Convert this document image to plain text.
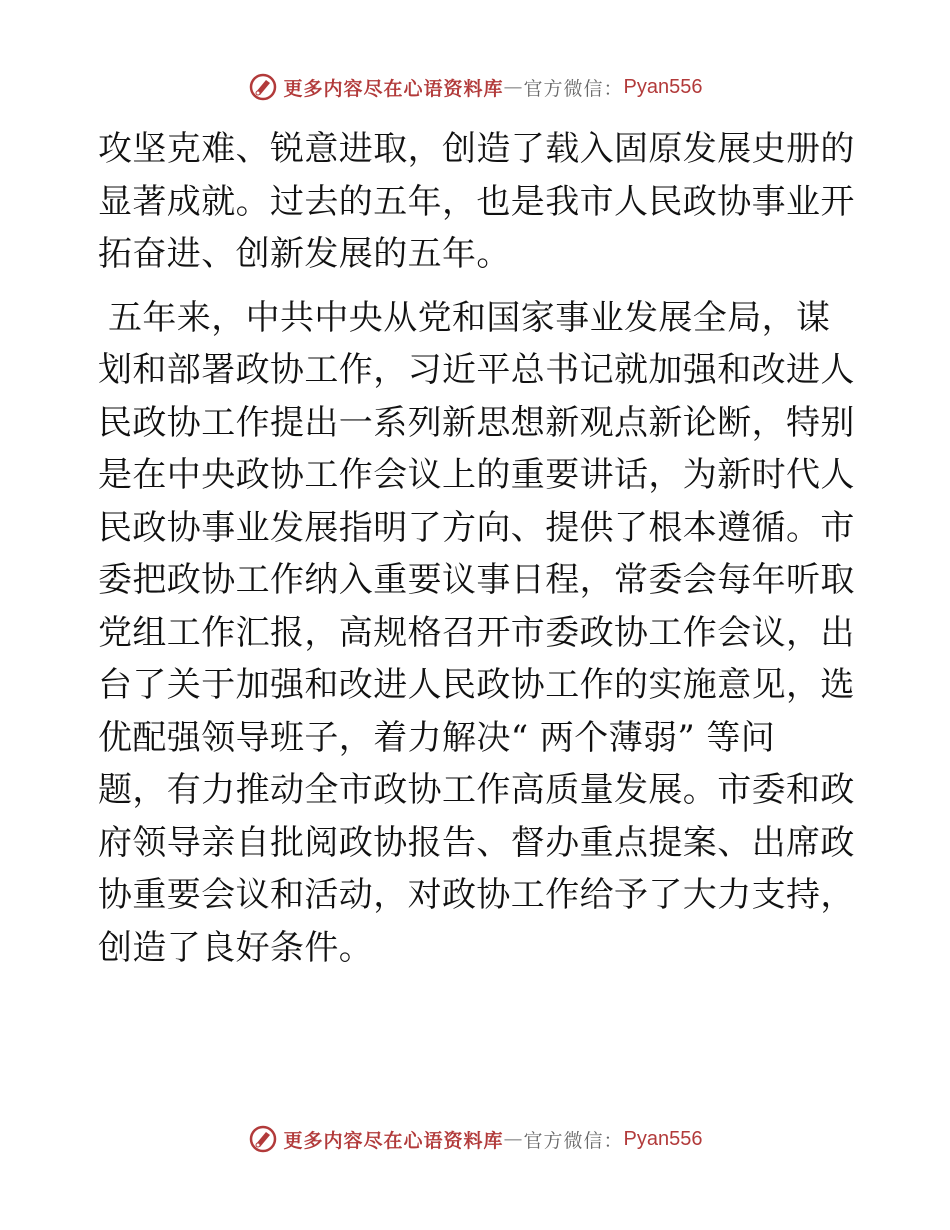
更多内容尽在心语资料库 — 官方微信： Pyan556

攻坚克难、锐意进取，创造了载入固原发展史册的
显著成就。过去的五年，也是我市人民政协事业开
拓奋进、创新发展的五年。

五年来，中共中央从党和国家事业发展全局，谋
划和部署政协工作，习近平总书记就加强和改进人
民政协工作提出一系列新思想新观点新论断，特别
是在中央政协工作会议上的重要讲话，为新时代人
民政协事业发展指明了方向、提供了根本遵循。市
委把政协工作纳入重要议事日程，常委会每年听取
党组工作汇报，高规格召开市委政协工作会议，出
台了关于加强和改进人民政协工作的实施意见，选
优配强领导班子，着力解决“ 两个薄弱” 等问
题，有力推动全市政协工作高质量发展。市委和政
府领导亲自批阅政协报告、督办重点提案、出席政
协重要会议和活动，对政协工作给予了大力支持，
创造了良好条件。

更多内容尽在心语资料库 — 官方微信： Pyan556
